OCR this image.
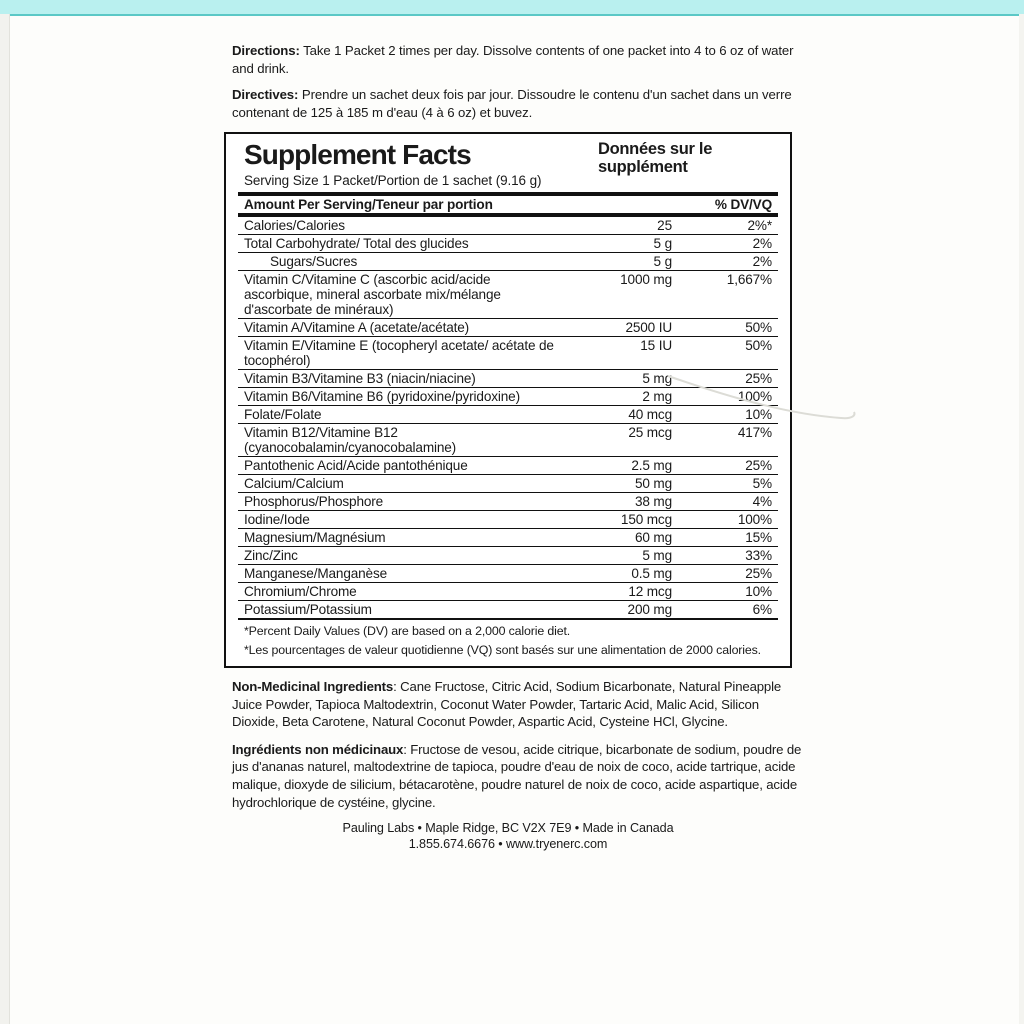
Directions: Take 1 Packet 2 times per day. Dissolve contents of one packet into 4 to 6 oz of water and drink.

Directives: Prendre un sachet deux fois par jour. Dissoudre le contenu d'un sachet dans un verre contenant de 125 à 185 m d'eau (4 à 6 oz) et buvez.

Supplement Facts	Données sur le supplément
Serving Size 1 Packet/Portion de 1 sachet (9.16 g)
Amount Per Serving/Teneur par portion		% DV/VQ
Calories/Calories	25	2%*
Total Carbohydrate/ Total des glucides	5 g	2%
Sugars/Sucres	5 g	2%
Vitamin C/Vitamine C (ascorbic acid/acide ascorbique, mineral ascorbate mix/mélange d'ascorbate de minéraux)	1000 mg	1,667%
Vitamin A/Vitamine A (acetate/acétate)	2500 IU	50%
Vitamin E/Vitamine E (tocopheryl acetate/ acétate de tocophérol)	15 IU	50%
Vitamin B3/Vitamine B3 (niacin/niacine)	5 mg	25%
Vitamin B6/Vitamine B6 (pyridoxine/pyridoxine)	2 mg	100%
Folate/Folate	40 mcg	10%
Vitamin B12/Vitamine B12 (cyanocobalamin/cyanocobalamine)	25 mcg	417%
Pantothenic Acid/Acide pantothénique	2.5 mg	25%
Calcium/Calcium	50 mg	5%
Phosphorus/Phosphore	38 mg	4%
Iodine/Iode	150 mcg	100%
Magnesium/Magnésium	60 mg	15%
Zinc/Zinc	5 mg	33%
Manganese/Manganèse	0.5 mg	25%
Chromium/Chrome	12 mcg	10%
Potassium/Potassium	200 mg	6%
*Percent Daily Values (DV) are based on a 2,000 calorie diet.
*Les pourcentages de valeur quotidienne (VQ) sont basés sur une alimentation de 2000 calories.

Non-Medicinal Ingredients: Cane Fructose, Citric Acid, Sodium Bicarbonate, Natural Pineapple Juice Powder, Tapioca Maltodextrin, Coconut Water Powder, Tartaric Acid, Malic Acid, Silicon Dioxide, Beta Carotene, Natural Coconut Powder, Aspartic Acid, Cysteine HCl, Glycine.

Ingrédients non médicinaux: Fructose de vesou, acide citrique, bicarbonate de sodium, poudre de jus d'ananas naturel, maltodextrine de tapioca, poudre d'eau de noix de coco, acide tartrique, acide malique, dioxyde de silicium, bétacarotène, poudre naturel de noix de coco, acide aspartique, acide hydrochlorique de cystéine, glycine.

Pauling Labs • Maple Ridge, BC V2X 7E9 • Made in Canada
1.855.674.6676 • www.tryenerc.com
